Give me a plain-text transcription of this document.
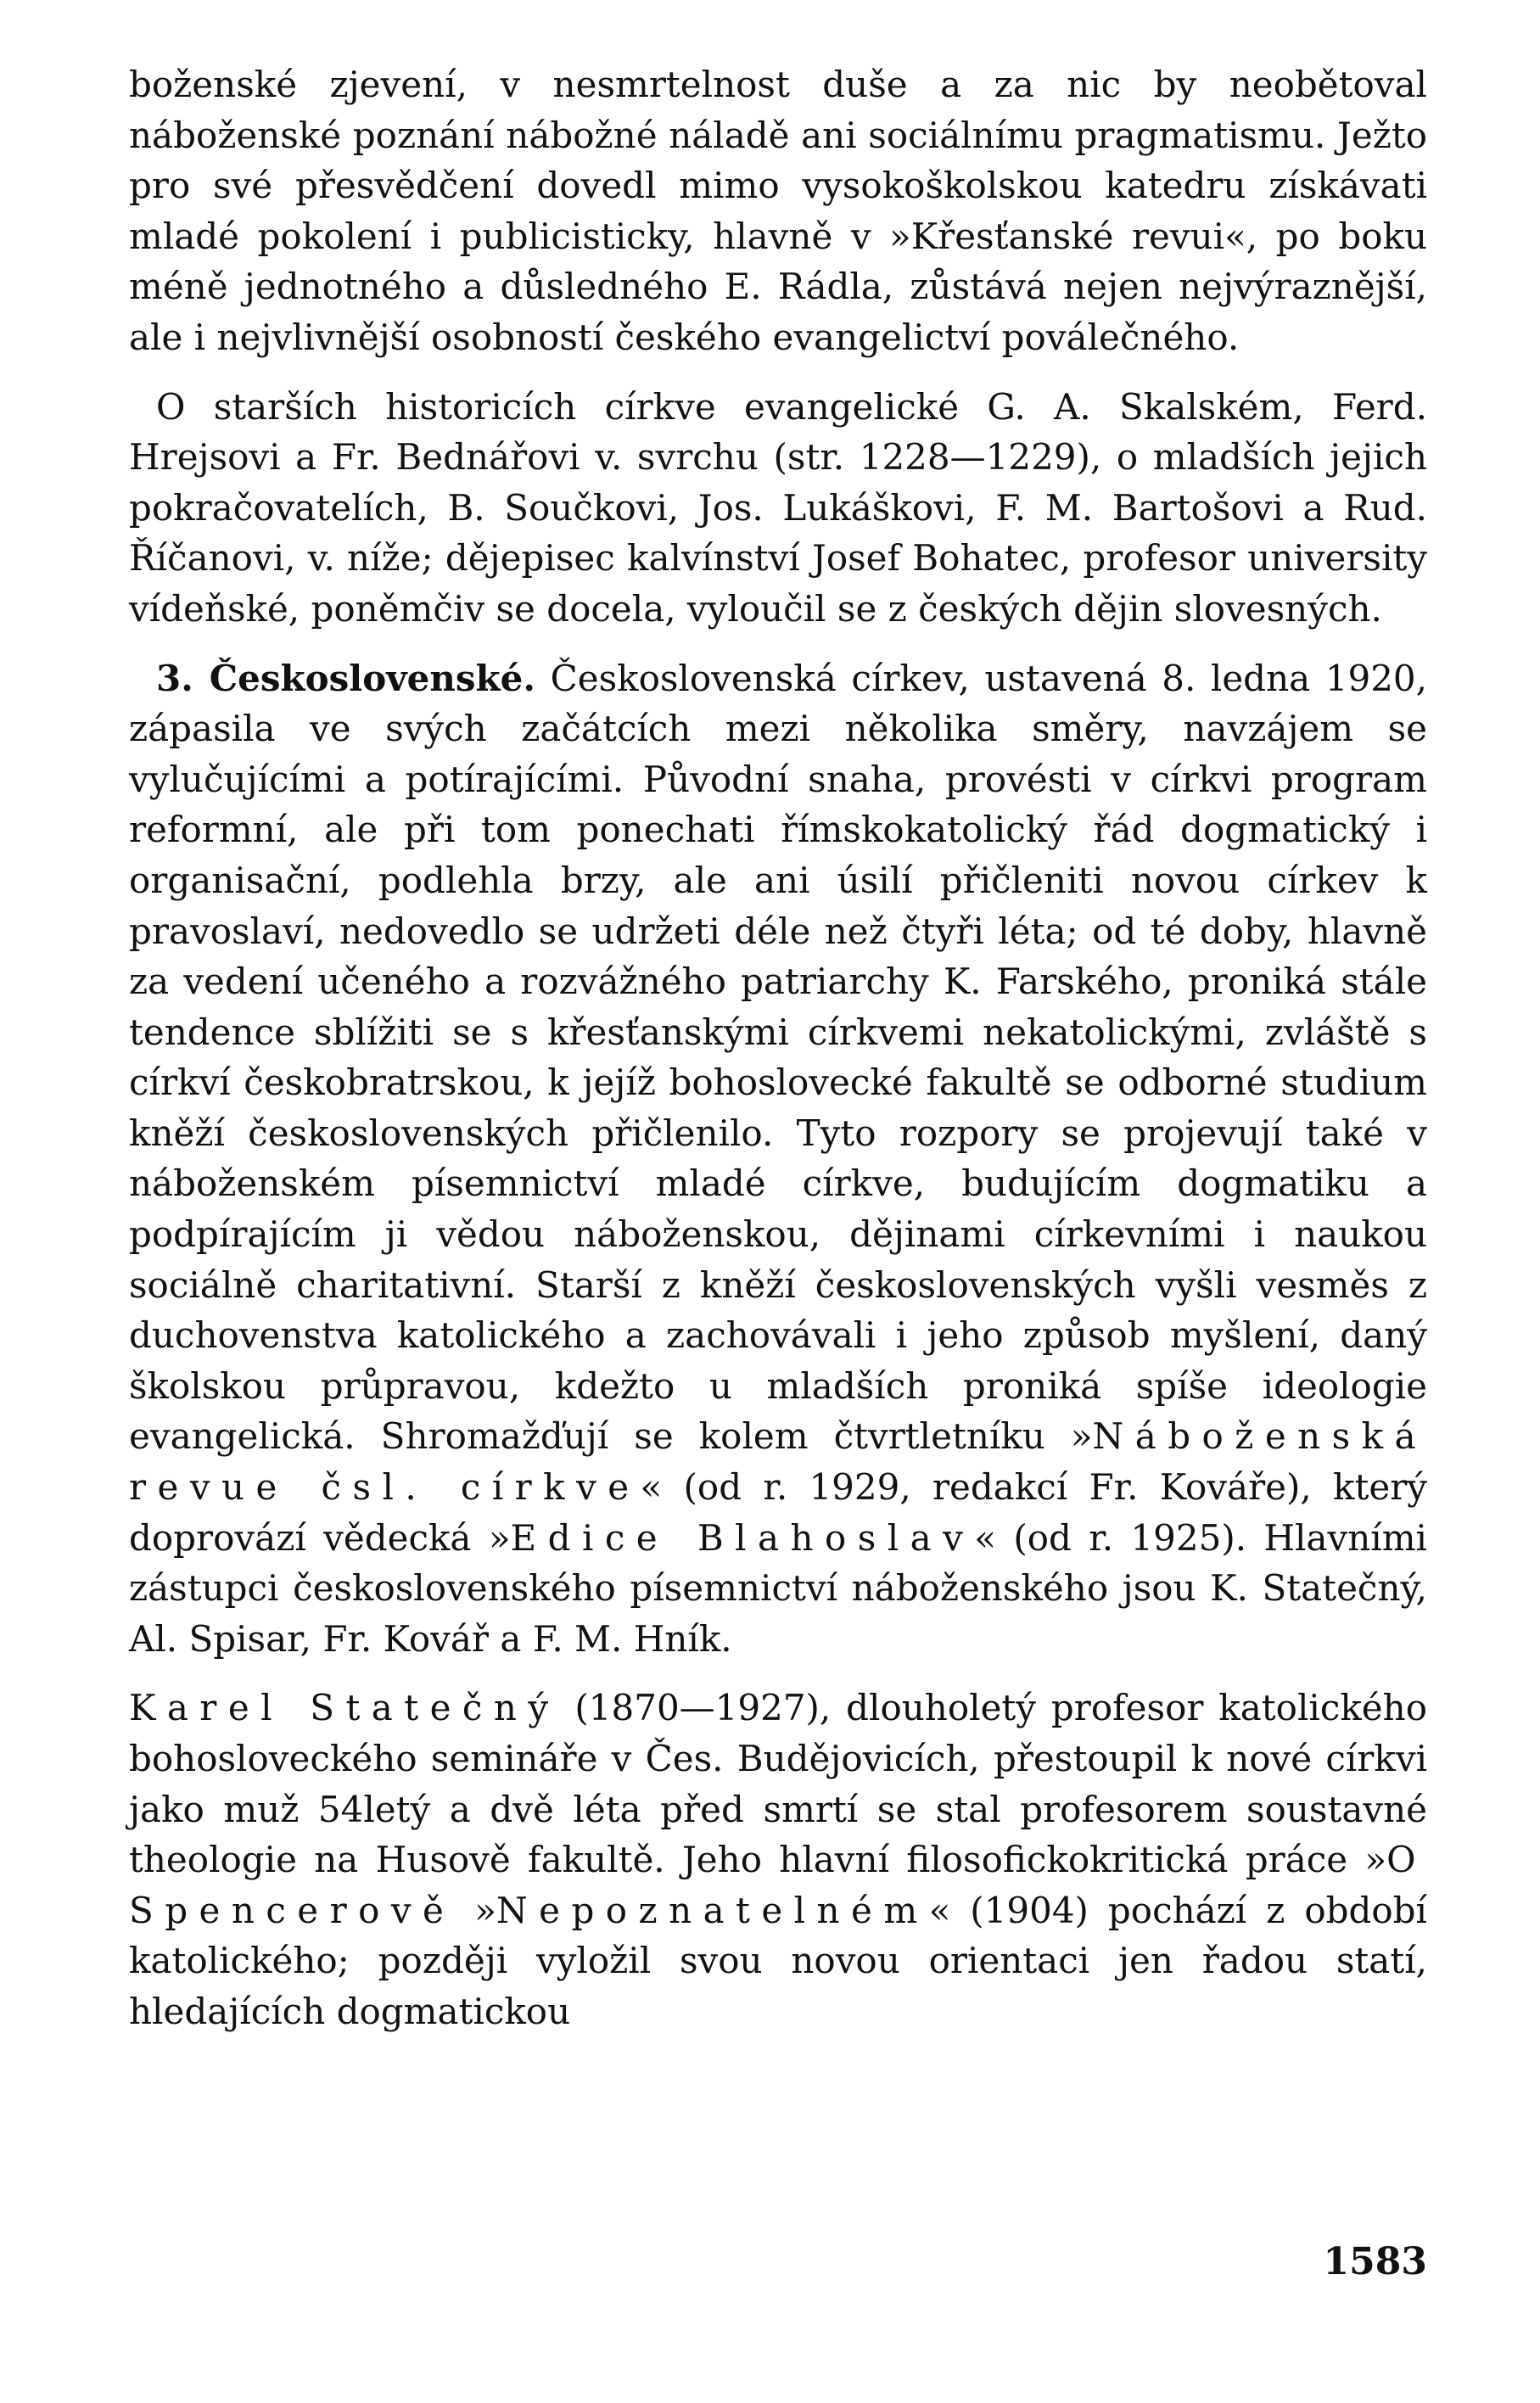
boženské zjevení, v nesmrtelnost duše a za nic by neobětoval náboženské poznání nábožné náladě ani sociálnímu pragmatismu. Ježto pro své přesvědčení dovedl mimo vysokoškolskou katedru získávati mladé pokolení i publicisticky, hlavně v »Křesťanské revui«, po boku méně jednotného a důsledného E. Rádla, zůstává nejen nejvýraznější, ale i nejvlivnější osobností českého evangelictví poválečného.

O starších historicích církve evangelické G. A. Skalském, Ferd. Hrejsovi a Fr. Bednářovi v. svrchu (str. 1228—1229), o mladších jejich pokračovatelích, B. Součkovi, Jos. Lukáškovi, F. M. Bartošovi a Rud. Říčanovi, v. níže; dějepisec kalvínství Josef Bohatec, profesor university vídeňské, poněmčiv se docela, vyloučil se z českých dějin slovesných.

3. Československé. Československá církev, ustavená 8. ledna 1920, zápasila ve svých začátcích mezi několika směry, navzájem se vylučujícími a potírajícími. Původní snaha, provésti v církvi program reformní, ale při tom ponechati římskokatolický řád dogmatický i organisační, podlehla brzy, ale ani úsilí přičleniti novou církev k pravoslaví, nedovedlo se udržeti déle než čtyři léta; od té doby, hlavně za vedení učeného a rozvážného patriarchy K. Farského, proniká stále tendence sblížiti se s křesťanskými církvemi nekatolickými, zvláště s církví českobratrskou, k jejíž bohoslovecké fakultě se odborné studium kněží československých přičlenilo. Tyto rozpory se projevují také v náboženském písemnictví mladé církve, budujícím dogmatiku a podpírajícím ji vědou náboženskou, dějinami církevními i naukou sociálně charitativní. Starší z kněží československých vyšli vesměs z duchovenstva katolického a zachovávali i jeho způsob myšlení, daný školskou průpravou, kdežto u mladších proniká spíše ideologie evangelická. Shromažďují se kolem čtvrtletníku »Náboženská revue čsl. církve« (od r. 1929, redakcí Fr. Kováře), který doprovází vědecká »Edice Blahoslav« (od r. 1925). Hlavními zástupci československého písemnictví náboženského jsou K. Statečný, Al. Spisar, Fr. Kovář a F. M. Hník.

Karel Statečný (1870—1927), dlouholetý profesor katolického bohosloveckého semináře v Čes. Budějovicích, přestoupil k nové církvi jako muž 54letý a dvě léta před smrtí se stal profesorem soustavné theologie na Husově fakultě. Jeho hlavní filosofickokritická práce »O Spencerově »Nepoznatelném« (1904) pochází z období katolického; později vyložil svou novou orientaci jen řadou statí, hledajících dogmatickou

1583
